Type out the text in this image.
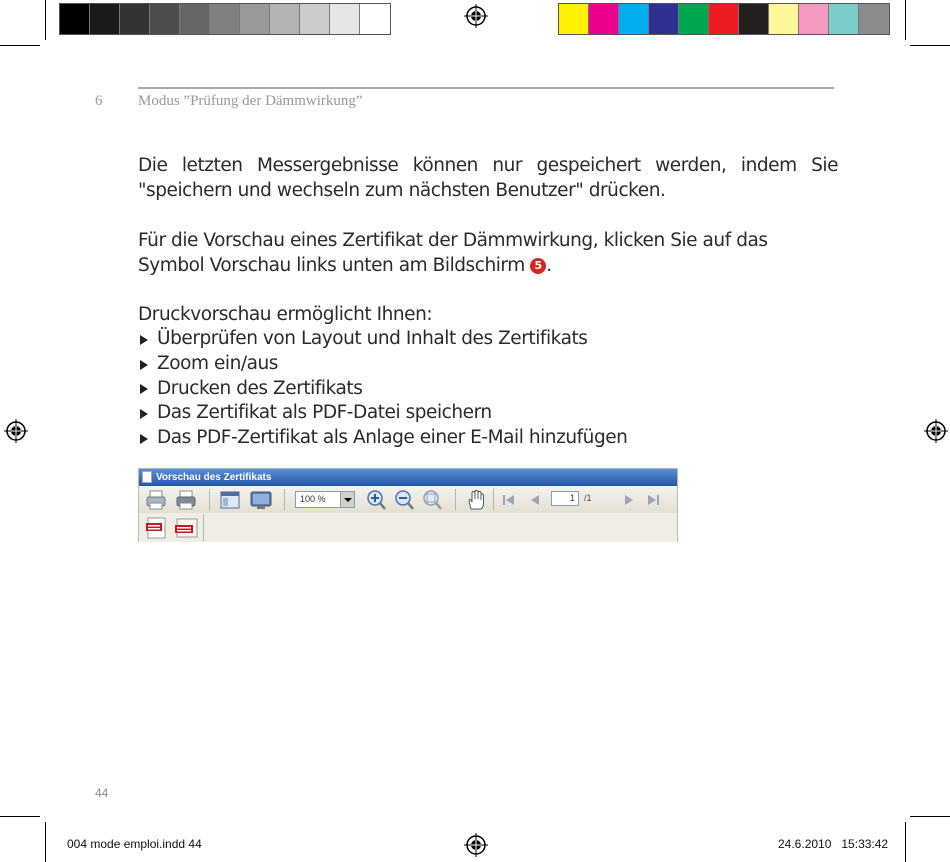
6 Modus ”Prüfung der Dämmwirkung”
Die letzten Messergebnisse können nur gespeichert werden, indem Sie "speichern und wechseln zum nächsten Benutzer" drücken.
Für die Vorschau eines Zertifikat der Dämmwirkung, klicken Sie auf das Symbol Vorschau links unten am Bildschirm 5 .
Druckvorschau ermöglicht Ihnen:
Überprüfen von Layout und Inhalt des Zertifikats
Zoom ein/aus
Drucken des Zertifikats
Das Zertifikat als PDF-Datei speichern
Das PDF-Zertifikat als Anlage einer E-Mail hinzufügen
Vorschau des Zertifikats
100 %	1	/1
44
004 mode emploi.indd 44	24.6.2010   15:33:42
